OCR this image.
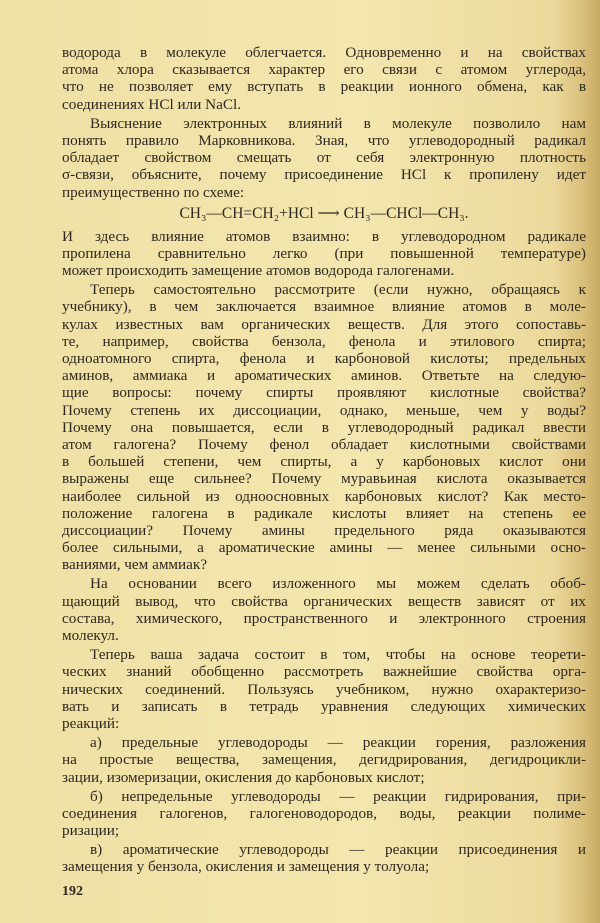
водорода в молекуле облегчается. Одновременно и на свойствах
атома хлора сказывается характер его связи с атомом углерода,
что не позволяет ему вступать в реакции ионного обмена, как в
соединениях HCl или NaCl.
Выяснение электронных влияний в молекуле позволило нам
понять правило Марковникова. Зная, что углеводородный радикал
обладает свойством смещать от себя электронную плотность
σ-связи, объясните, почему присоединение HCl к пропилену идет
преимущественно по схеме:
CH₃—CH=CH₂+HCl ⟶ CH₃—CHCl—CH₃.
И здесь влияние атомов взаимно: в углеводородном радикале
пропилена сравнительно легко (при повышенной температуре)
может происходить замещение атомов водорода галогенами.
Теперь самостоятельно рассмотрите (если нужно, обращаясь к
учебнику), в чем заключается взаимное влияние атомов в моле-
кулах известных вам органических веществ. Для этого сопоставь-
те, например, свойства бензола, фенола и этилового спирта;
одноатомного спирта, фенола и карбоновой кислоты; предельных
аминов, аммиака и ароматических аминов. Ответьте на следую-
щие вопросы: почему спирты проявляют кислотные свойства?
Почему степень их диссоциации, однако, меньше, чем у воды?
Почему она повышается, если в углеводородный радикал ввести
атом галогена? Почему фенол обладает кислотными свойствами
в большей степени, чем спирты, а у карбоновых кислот они
выражены еще сильнее? Почему муравьиная кислота оказывается
наиболее сильной из одноосновных карбоновых кислот? Как место-
положение галогена в радикале кислоты влияет на степень ее
диссоциации? Почему амины предельного ряда оказываются
более сильными, а ароматические амины — менее сильными осно-
ваниями, чем аммиак?
На основании всего изложенного мы можем сделать обоб-
щающий вывод, что свойства органических веществ зависят от их
состава, химического, пространственного и электронного строения
молекул.
Теперь ваша задача состоит в том, чтобы на основе теорети-
ческих знаний обобщенно рассмотреть важнейшие свойства орга-
нических соединений. Пользуясь учебником, нужно охарактеризо-
вать и записать в тетрадь уравнения следующих химических
реакций:
а) предельные углеводороды — реакции горения, разложения
на простые вещества, замещения, дегидрирования, дегидроцикли-
зации, изомеризации, окисления до карбоновых кислот;
б) непредельные углеводороды — реакции гидрирования, при-
соединения галогенов, галогеноводородов, воды, реакции полиме-
ризации;
в) ароматические углеводороды — реакции присоединения и
замещения у бензола, окисления и замещения у толуола;
192
